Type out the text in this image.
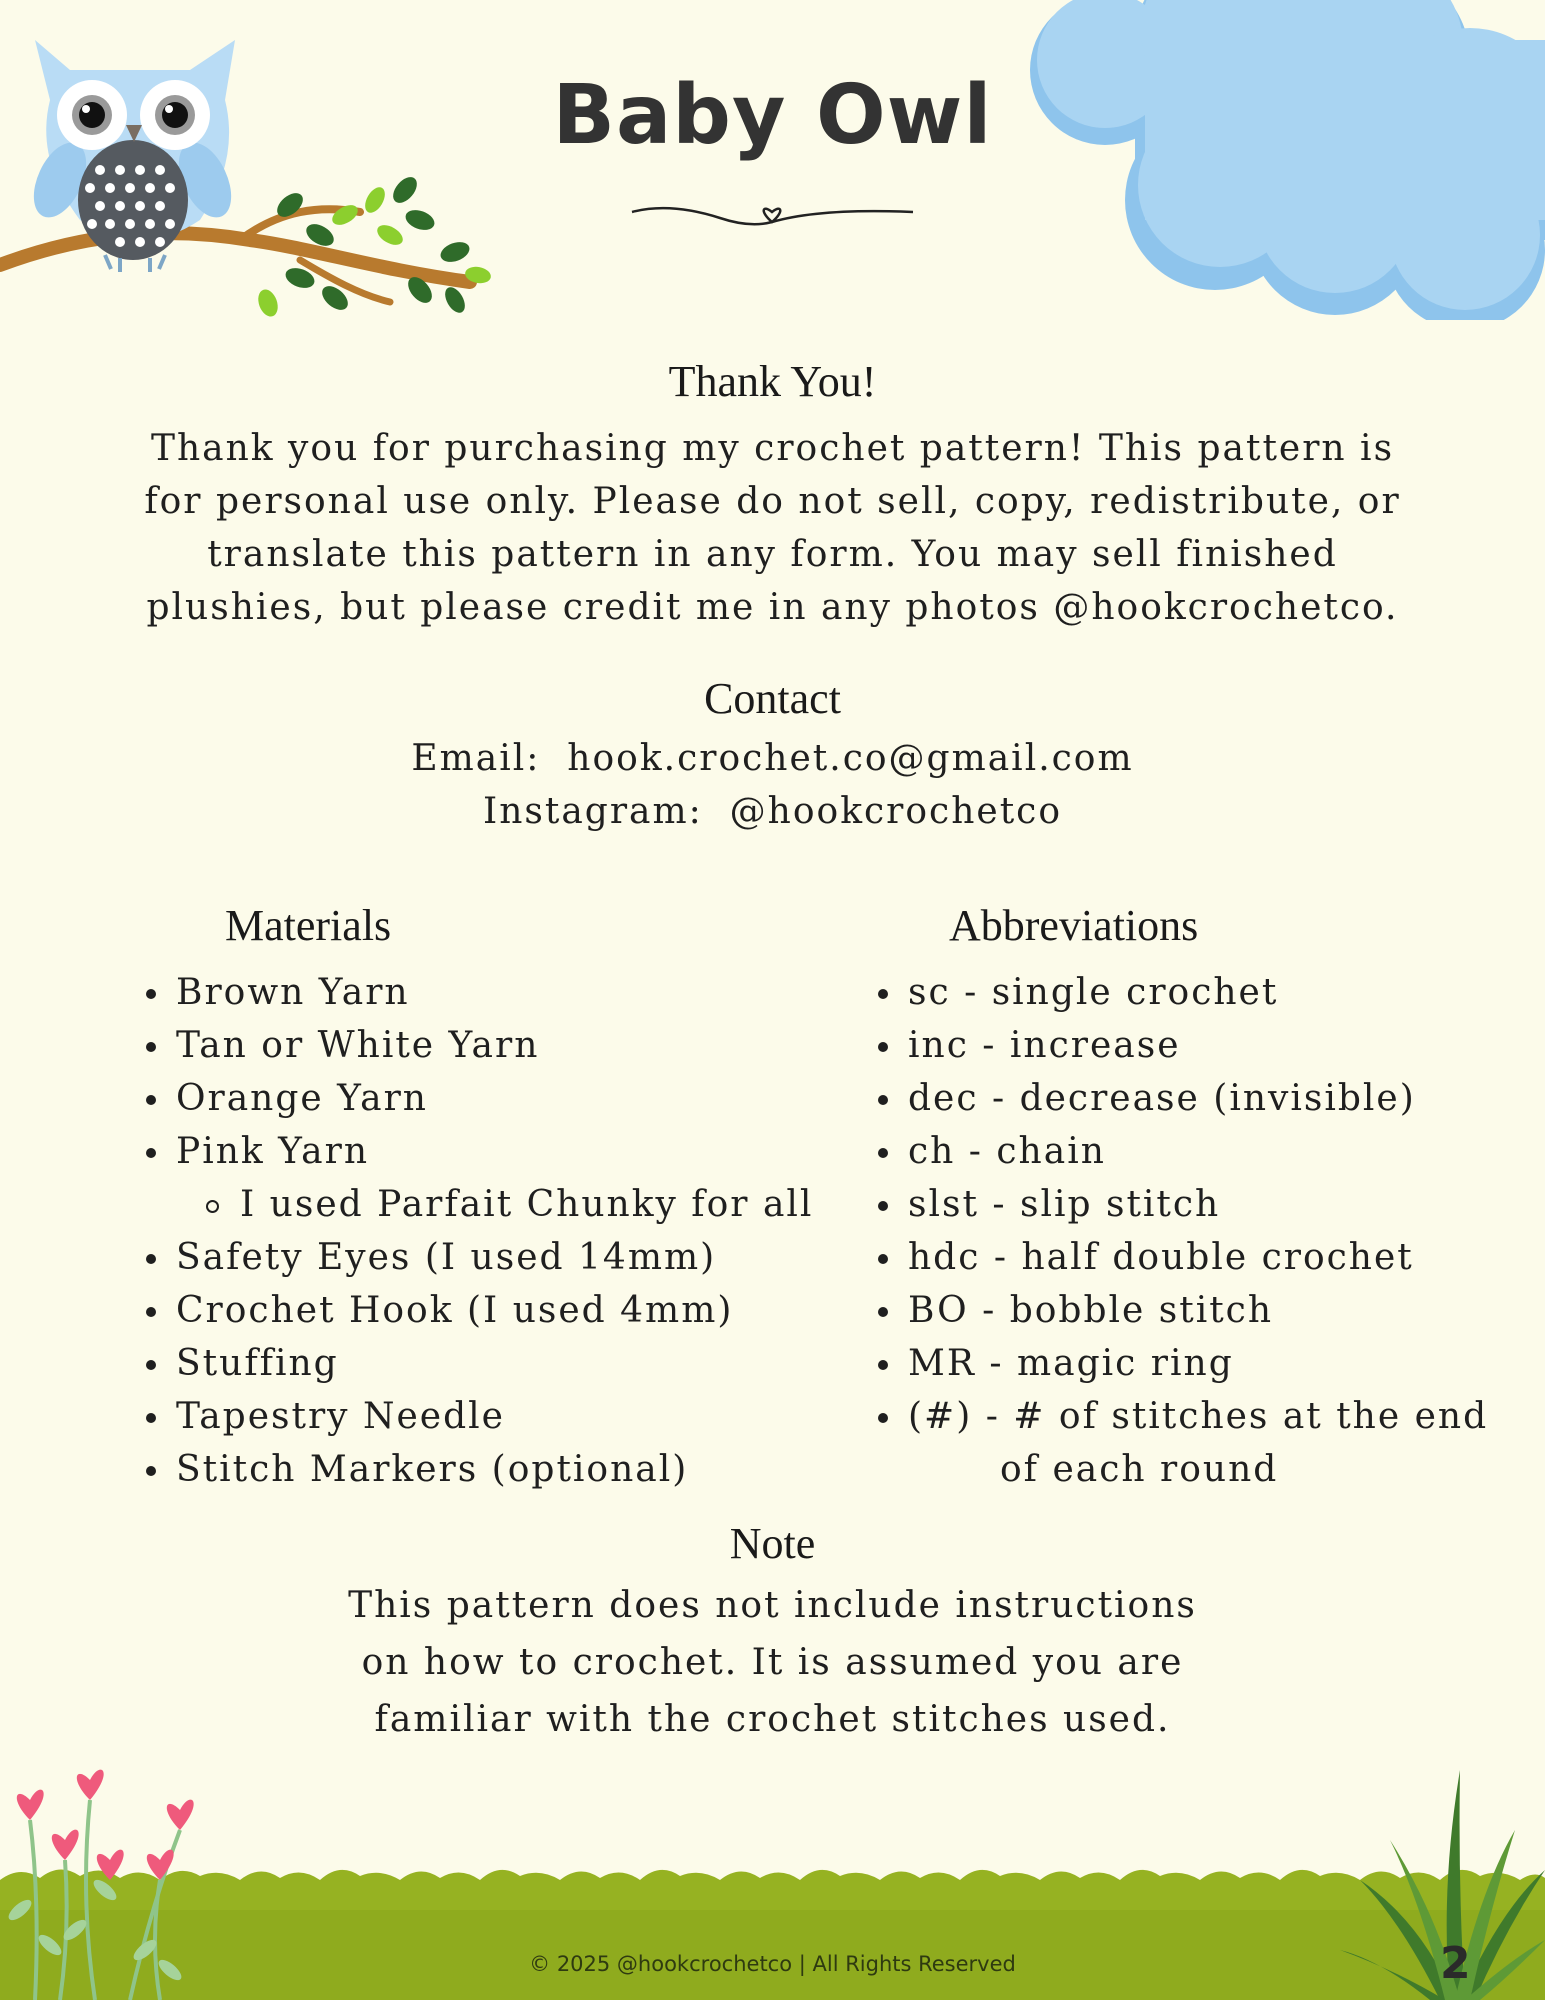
Baby Owl
Thank You!
Thank you for purchasing my crochet pattern! This pattern is
for personal use only. Please do not sell, copy, redistribute, or
translate this pattern in any form. You may sell finished
plushies, but please credit me in any photos @hookcrochetco.
Contact
Email: hook.crochet.co@gmail.com
Instagram: @hookcrochetco
Materials
Brown Yarn
Tan or White Yarn
Orange Yarn
Pink Yarn
I used Parfait Chunky for all
Safety Eyes (I used 14mm)
Crochet Hook (I used 4mm)
Stuffing
Tapestry Needle
Stitch Markers (optional)
Abbreviations
sc - single crochet
inc - increase
dec - decrease (invisible)
ch - chain
slst - slip stitch
hdc - half double crochet
BO - bobble stitch
MR - magic ring
(#) - # of stitches at the end
of each round
Note
This pattern does not include instructions
on how to crochet. It is assumed you are
familiar with the crochet stitches used.
© 2025 @hookcrochetco | All Rights Reserved	2
